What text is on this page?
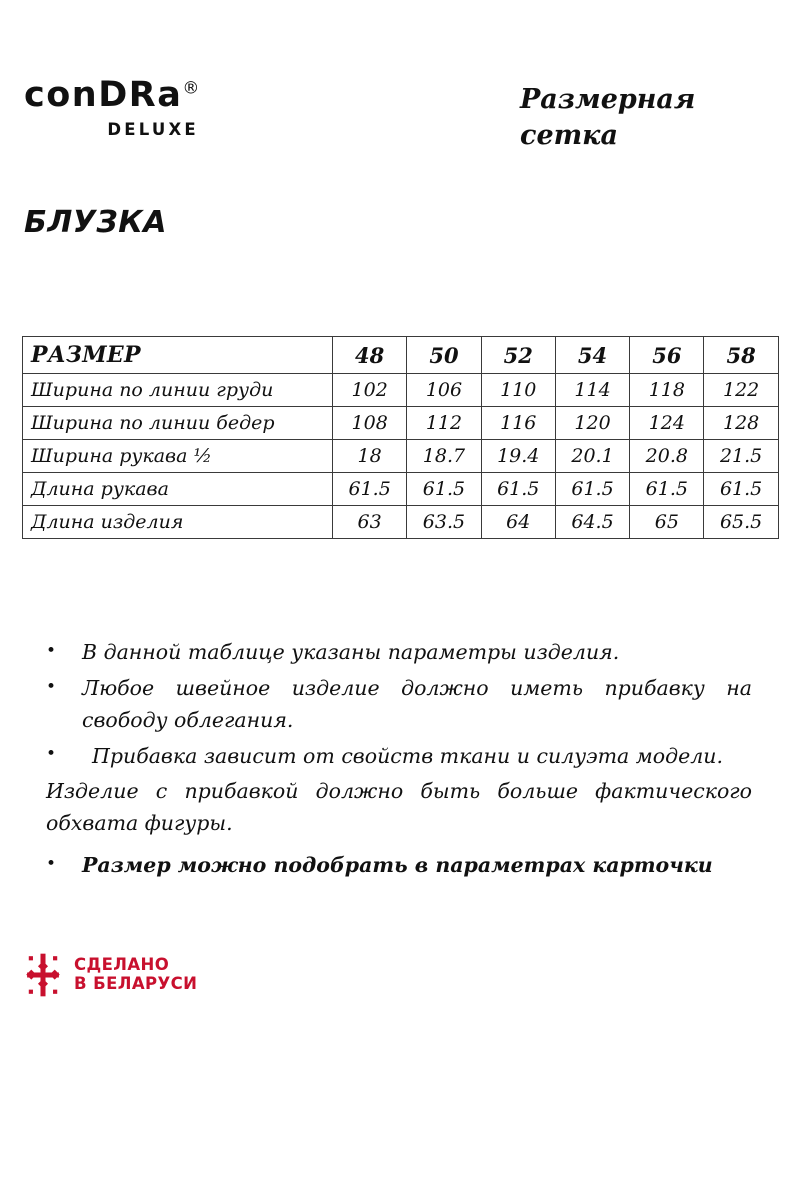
conDRa®
DELUXE
Размерная
сетка
БЛУЗКА
РАЗМЕР	48	50	52	54	56	58
Ширина по линии груди	102	106	110	114	118	122
Ширина по линии бедер	108	112	116	120	124	128
Ширина рукава ½	18	18.7	19.4	20.1	20.8	21.5
Длина рукава	61.5	61.5	61.5	61.5	61.5	61.5
Длина изделия	63	63.5	64	64.5	65	65.5
•	В данной таблице указаны параметры изделия.
•	Любое швейное изделие должно иметь прибавку на свободу облегания.
•	Прибавка зависит от свойств ткани и силуэта модели.
Изделие с прибавкой должно быть больше фактического обхвата фигуры.
•	Размер можно подобрать в параметрах карточки
СДЕЛАНО
В БЕЛАРУСИ
